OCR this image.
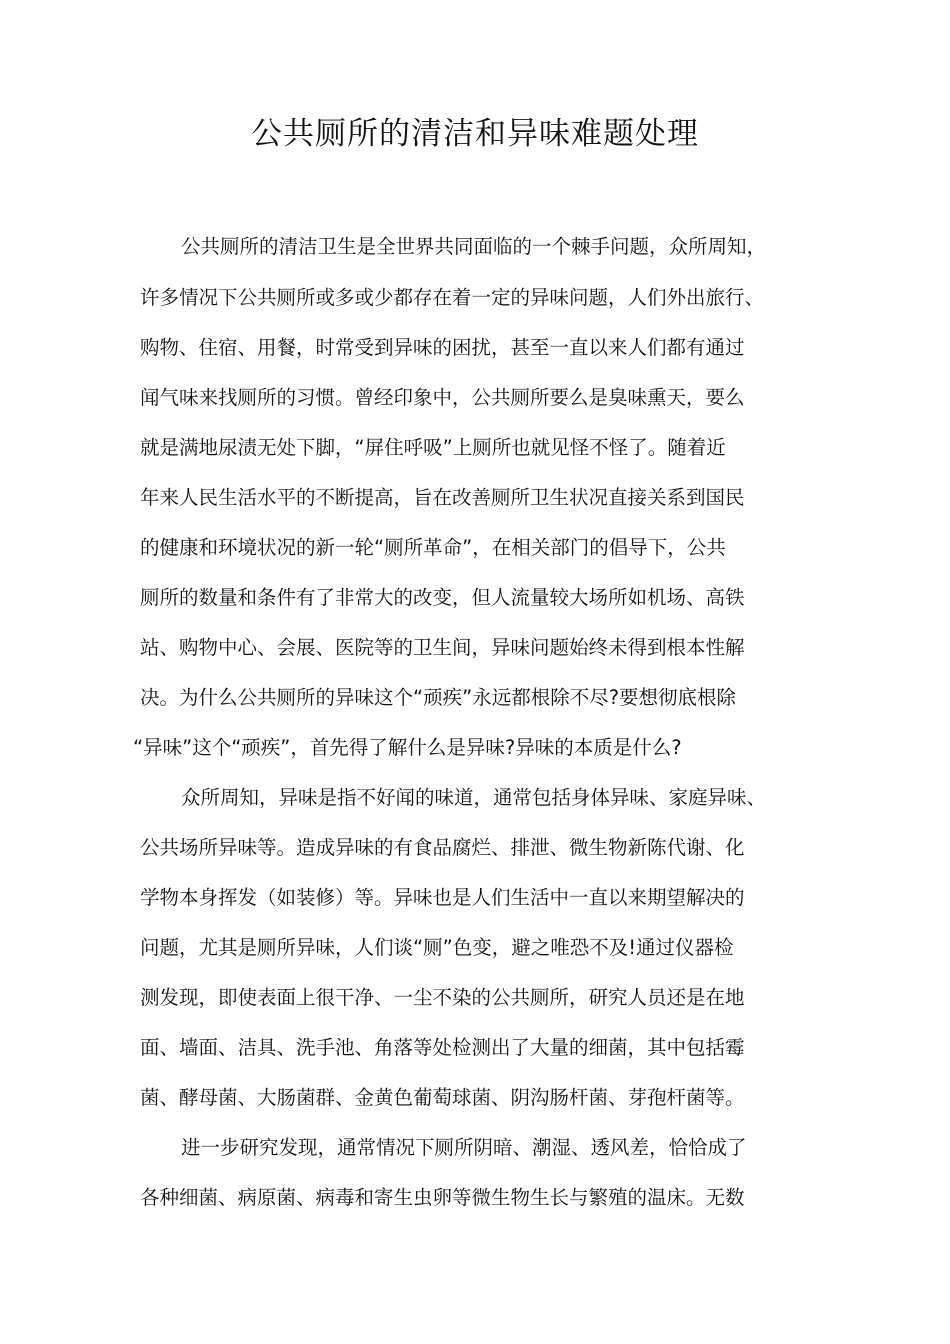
公共厕所的清洁和异味难题处理

公共厕所的清洁卫生是全世界共同面临的一个棘手问题，众所周知，

许多情况下公共厕所或多或少都存在着一定的异味问题，人们外出旅行、

购物、住宿、用餐，时常受到异味的困扰，甚至一直以来人们都有通过

闻气味来找厕所的习惯。曾经印象中，公共厕所要么是臭味熏天，要么

就是满地尿渍无处下脚，“屏住呼吸”上厕所也就见怪不怪了。随着近

年来人民生活水平的不断提高，旨在改善厕所卫生状况直接关系到国民

的健康和环境状况的新一轮“厕所革命”，在相关部门的倡导下，公共

厕所的数量和条件有了非常大的改变，但人流量较大场所如机场、高铁

站、购物中心、会展、医院等的卫生间，异味问题始终未得到根本性解

决。为什么公共厕所的异味这个“顽疾”永远都根除不尽?要想彻底根除

“异味”这个“顽疾”，首先得了解什么是异味?异味的本质是什么?

众所周知，异味是指不好闻的味道，通常包括身体异味、家庭异味、

公共场所异味等。造成异味的有食品腐烂、排泄、微生物新陈代谢、化

学物本身挥发（如装修）等。异味也是人们生活中一直以来期望解决的

问题，尤其是厕所异味，人们谈“厕”色变，避之唯恐不及!通过仪器检

测发现，即使表面上很干净、一尘不染的公共厕所，研究人员还是在地

面、墙面、洁具、洗手池、角落等处检测出了大量的细菌，其中包括霉

菌、酵母菌、大肠菌群、金黄色葡萄球菌、阴沟肠杆菌、芽孢杆菌等。

进一步研究发现，通常情况下厕所阴暗、潮湿、透风差，恰恰成了

各种细菌、病原菌、病毒和寄生虫卵等微生物生长与繁殖的温床。无数
